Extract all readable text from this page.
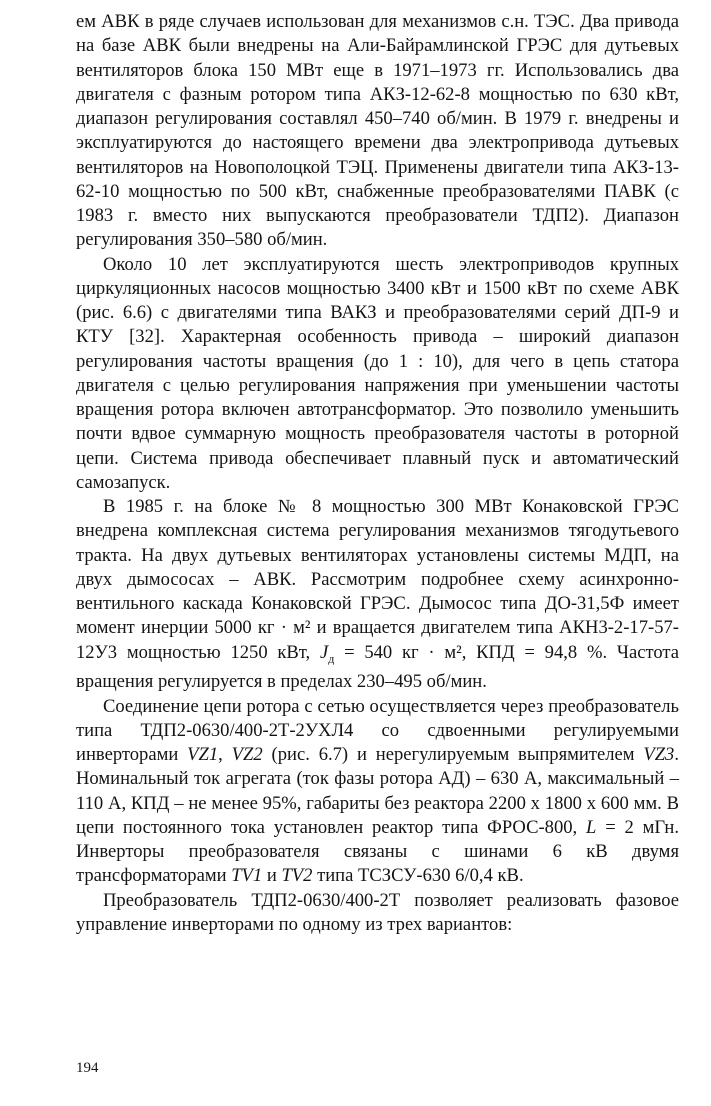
ем АВК в ряде случаев использован для механизмов с.н. ТЭС. Два привода на базе АВК были внедрены на Али-Байрамлинской ГРЭС для дутьевых вентиляторов блока 150 МВт еще в 1971–1973 гг. Использовались два двигателя с фазным ротором типа АКЗ-12-62-8 мощностью по 630 кВт, диапазон регулирования составлял 450–740 об/мин. В 1979 г. внедрены и эксплуатируются до настоящего времени два электропривода дутьевых вентиляторов на Новополоцкой ТЭЦ. Применены двигатели типа АКЗ-13-62-10 мощностью по 500 кВт, снабженные преобразователями ПАВК (с 1983 г. вместо них выпускаются преобразователи ТДП2). Диапазон регулирования 350–580 об/мин.

Около 10 лет эксплуатируются шесть электроприводов крупных циркуляционных насосов мощностью 3400 кВт и 1500 кВт по схеме АВК (рис. 6.6) с двигателями типа ВАКЗ и преобразователями серий ДП-9 и КТУ [32]. Характерная особенность привода – широкий диапазон регулирования частоты вращения (до 1 : 10), для чего в цепь статора двигателя с целью регулирования напряжения при уменьшении частоты вращения ротора включен автотрансформатор. Это позволило уменьшить почти вдвое суммарную мощность преобразователя частоты в роторной цепи. Система привода обеспечивает плавный пуск и автоматический самозапуск.

В 1985 г. на блоке № 8 мощностью 300 МВт Конаковской ГРЭС внедрена комплексная система регулирования механизмов тягодутьевого тракта. На двух дутьевых вентиляторах установлены системы МДП, на двух дымососах – АВК. Рассмотрим подробнее схему асинхронно-вентильного каскада Конаковской ГРЭС. Дымосос типа ДО-31,5Ф имеет момент инерции 5000 кг · м² и вращается двигателем типа АКН3-2-17-57-12У3 мощностью 1250 кВт, $J_д = 540$ кг · м², КПД = 94,8 %. Частота вращения регулируется в пределах 230–495 об/мин.

Соединение цепи ротора с сетью осуществляется через преобразователь типа ТДП2-0630/400-2Т-2УХЛ4 со сдвоенными регулируемыми инверторами VZ1, VZ2 (рис. 6.7) и нерегулируемым выпрямителем VZ3. Номинальный ток агрегата (ток фазы ротора АД) – 630 А, максимальный – 110 А, КПД – не менее 95%, габариты без реактора 2200 x 1800 x 600 мм. В цепи постоянного тока установлен реактор типа ФРОС-800, L = 2 мГн. Инверторы преобразователя связаны с шинами 6 кВ двумя трансформаторами TV1 и TV2 типа ТСЗСУ-630 6/0,4 кВ.

Преобразователь ТДП2-0630/400-2Т позволяет реализовать фазовое управление инверторами по одному из трех вариантов:

194
